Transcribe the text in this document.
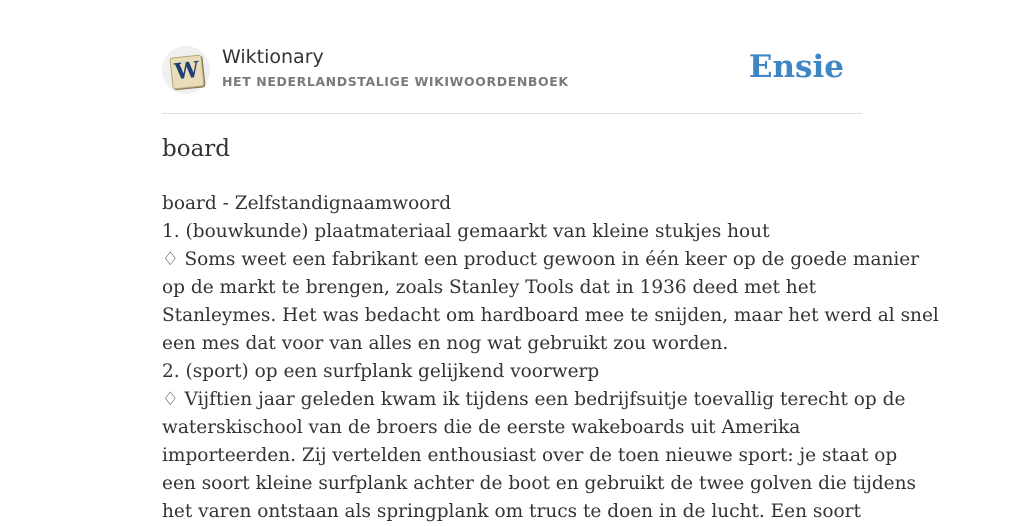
W Wiktionary
HET NEDERLANDSTALIGE WIKIWOORDENBOEK	Ensie
board
board - Zelfstandignaamwoord
1. (bouwkunde) plaatmateriaal gemaarkt van kleine stukjes hout
♢ Soms weet een fabrikant een product gewoon in één keer op de goede manier
op de markt te brengen, zoals Stanley Tools dat in 1936 deed met het
Stanleymes. Het was bedacht om hardboard mee te snijden, maar het werd al snel
een mes dat voor van alles en nog wat gebruikt zou worden.
2. (sport) op een surfplank gelijkend voorwerp
♢ Vijftien jaar geleden kwam ik tijdens een bedrijfsuitje toevallig terecht op de
waterskischool van de broers die de eerste wakeboards uit Amerika
importeerden. Zij vertelden enthousiast over de toen nieuwe sport: je staat op
een soort kleine surfplank achter de boot en gebruikt de twee golven die tijdens
het varen ontstaan als springplank om trucs te doen in de lucht. Een soort
